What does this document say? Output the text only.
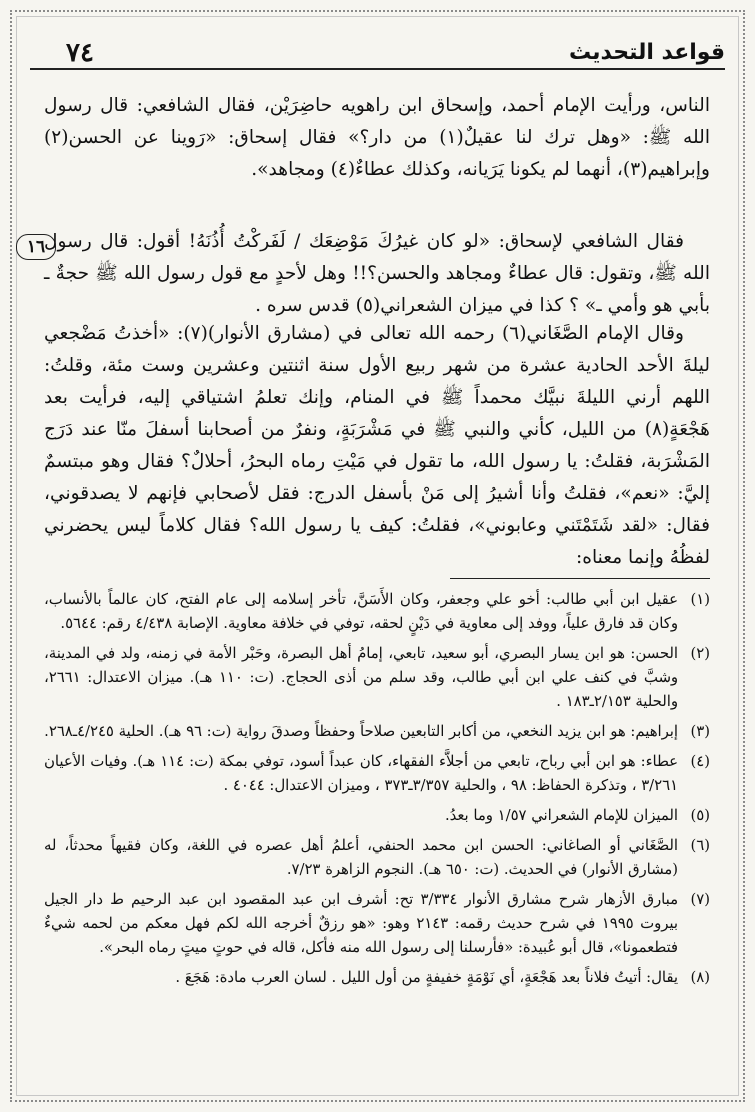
قواعد التحديث
٧٤
١٦

الناس، ورأيت الإمام أحمد، وإسحاق ابن راهويه حاضِرَيْن، فقال الشافعي: قال رسول الله ﷺ: «وهل ترك لنا عقيلٌ(١) من دار؟» فقال إسحاق: «رَوينا عن الحسن(٢) وإبراهيم(٣)، أنهما لم يكونا يَرَيانه، وكذلك عطاءٌ(٤) ومجاهد».

فقال الشافعي لإسحاق: «لو كان غيرُكَ مَوْضِعَك / لَفَركْتُ أُذُنَهُ! أقول: قال رسول الله ﷺ، وتقول: قال عطاءٌ ومجاهد والحسن؟!! وهل لأحدٍ مع قول رسول الله ﷺ حجةٌ ـ بأبي هو وأمي ـ» ؟ كذا في ميزان الشعراني(٥) قدس سره .

وقال الإمام الصَّغَاني(٦) رحمه الله تعالى في (مشارق الأنوار)(٧): «أخذتُ مَضْجعي ليلةَ الأحد الحادية عشرة من شهر ربيع الأول سنة اثنتين وعشرين وست مئة، وقلتُ: اللهم أرني الليلةَ نبيَّك محمداً ﷺ في المنام، وإنك تعلمُ اشتياقي إليه، فرأيت بعد هَجْعَةٍ(٨) من الليل، كأني والنبي ﷺ في مَشْرَبَةٍ، ونفرٌ من أصحابنا أسفلَ منّا عند دَرَج المَشْرَبة، فقلتُ: يا رسول الله، ما تقول في مَيْتِ رماه البحرُ، أحلالٌ؟ فقال وهو مبتسمٌ إليَّ: «نعم»، فقلتُ وأنا أشيرُ إلى مَنْ بأسفل الدرج: فقل لأصحابي فإنهم لا يصدقوني، فقال: «لقد شَتَمْتَني وعابوني»، فقلتُ: كيف يا رسول الله؟ فقال كلاماً ليس يحضرني لفظُهُ وإنما معناه:

(١)
عقيل ابن أبي طالب: أخو علي وجعفر، وكان الأَسَنَّ، تأخر إسلامه إلى عام الفتح، كان عالماً بالأنساب، وكان قد فارق علياً، ووفد إلى معاوية في دَيْنٍ لحقه، توفي في خلافة معاوية. الإصابة ٤/٤٣٨ رقم: ٥٦٤٤.

(٢)
الحسن: هو ابن يسار البصري، أبو سعيد، تابعي، إمامُ أهل البصرة، وحَبْر الأمة في زمنه، ولد في المدينة، وشبَّ في كنف علي ابن أبي طالب، وقد سلم من أذى الحجاج. (ت: ١١٠ هـ). ميزان الاعتدال: ٢٦٦١، والحلية ٢/١٥٣ـ١٨٣ .

(٣)
إبراهيم: هو ابن يزيد النخعي، من أكابر التابعين صلاحاً وحفظاً وصدقَ رواية (ت: ٩٦ هـ). الحلية ٤/٢٤٥ـ٢٦٨.

(٤)
عطاء: هو ابن أبي رباح، تابعي من أجلاَّء الفقهاء، كان عبداً أسود، توفي بمكة (ت: ١١٤ هـ). وفيات الأعيان ٣/٢٦١ ، وتذكرة الحفاظ: ٩٨ ، والحلية ٣/٣٥٧ـ٣٧٣ ، وميزان الاعتدال: ٤٠٤٤ .

(٥)
الميزان للإمام الشعراني ١/٥٧ وما بعدُ.

(٦)
الصَّغَاني أو الصاغاني: الحسن ابن محمد الحنفي، أعلمُ أهل عصره في اللغة، وكان فقيهاً محدثاً، له (مشارق الأنوار) في الحديث. (ت: ٦٥٠ هـ). النجوم الزاهرة ٧/٢٣.

(٧)
مبارق الأزهار شرح مشارق الأنوار ٣/٣٣٤ تح: أشرف ابن عبد المقصود ابن عبد الرحيم ط دار الجيل بيروت ١٩٩٥ في شرح حديث رقمه: ٢١٤٣ وهو: «هو رزقٌ أخرجه الله لكم فهل معكم من لحمه شيءٌ فتطعمونا»، قال أبو عُبيدة: «فأرسلنا إلى رسول الله منه فأكل، قاله في حوتٍ ميتٍ رماه البحر».

(٨)
يقال: أتيتُ فلاناً بعد هَجْعَةٍ، أي نَوْمَةٍ خفيفةٍ من أول الليل . لسان العرب مادة: هَجَعَ .
